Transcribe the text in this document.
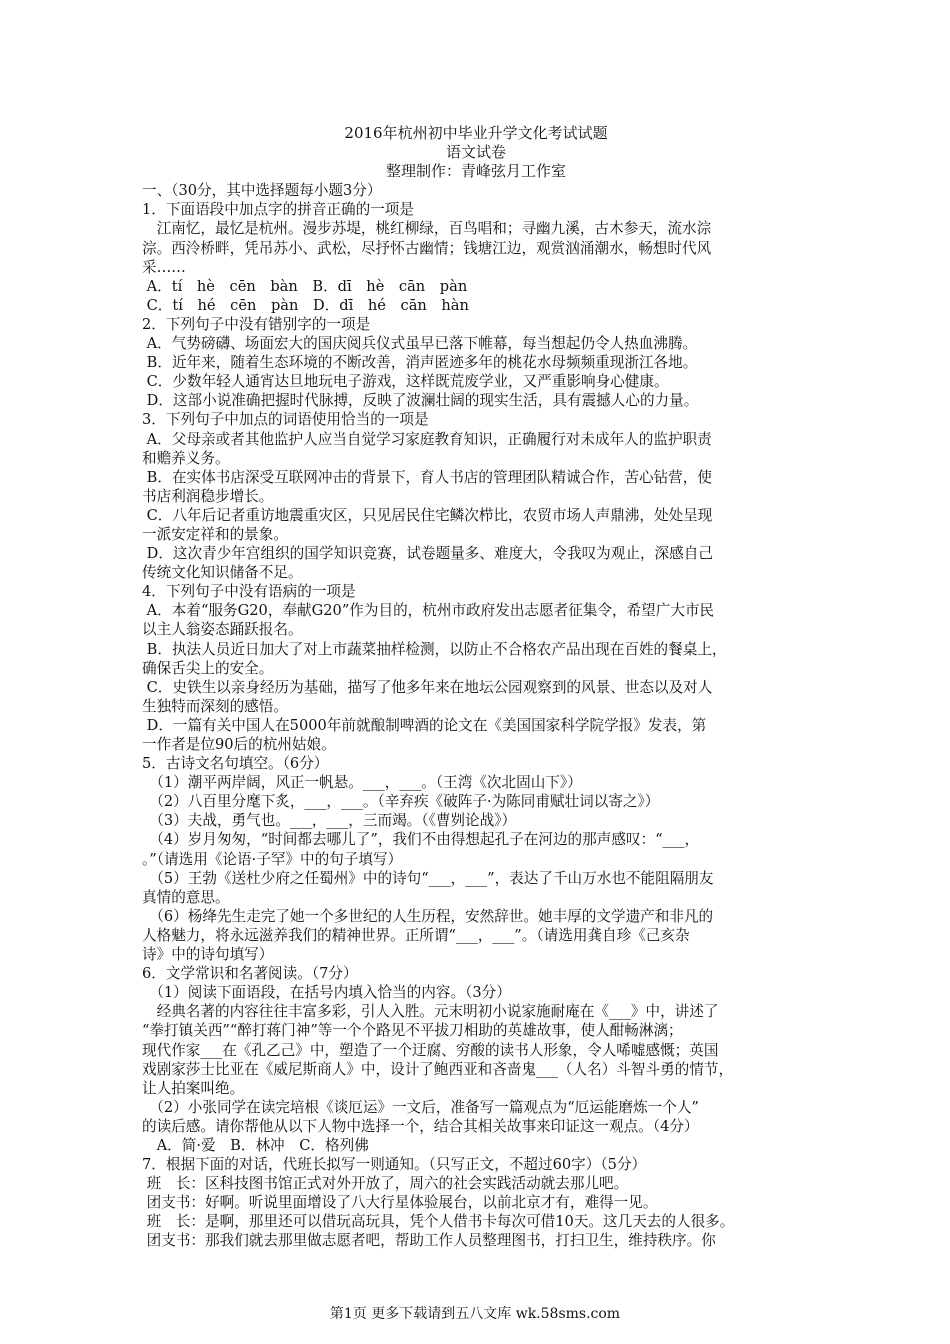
2016年杭州初中毕业升学文化考试试题
语文试卷
整理制作：青峰弦月工作室
一、（30分，其中选择题每小题3分）
1．下面语段中加点字的拼音正确的一项是
　江南忆，最忆是杭州。漫步苏堤，桃红柳绿，百鸟唱和；寻幽九溪，古木参天，流水淙
淙。西泠桥畔，凭吊苏小、武松，尽抒怀古幽情；钱塘江边，观赏汹涌潮水，畅想时代风
采……
A．tí　hè　cēn　bàn　B．dī　hè　cān　pàn
C．tí　hé　cēn　pàn　D．dī　hé　cān　hàn
2．下列句子中没有错别字的一项是
A．气势磅礴、场面宏大的国庆阅兵仪式虽早已落下帷幕，每当想起仍令人热血沸腾。
B．近年来，随着生态环境的不断改善，消声匿迹多年的桃花水母频频重现浙江各地。
C．少数年轻人通宵达旦地玩电子游戏，这样既荒废学业，又严重影响身心健康。
D．这部小说准确把握时代脉搏，反映了波澜壮阔的现实生活，具有震撼人心的力量。
3．下列句子中加点的词语使用恰当的一项是
A．父母亲或者其他监护人应当自觉学习家庭教育知识，正确履行对未成年人的监护职责
和赡养义务。
B．在实体书店深受互联网冲击的背景下，育人书店的管理团队精诚合作，苦心钻营，使
书店利润稳步增长。
C．八年后记者重访地震重灾区，只见居民住宅鳞次栉比，农贸市场人声鼎沸，处处呈现
一派安定祥和的景象。
D．这次青少年宫组织的国学知识竞赛，试卷题量多、难度大，令我叹为观止，深感自己
传统文化知识储备不足。
4．下列句子中没有语病的一项是
A．本着“服务G20，奉献G20”作为目的，杭州市政府发出志愿者征集令，希望广大市民
以主人翁姿态踊跃报名。
B．执法人员近日加大了对上市蔬菜抽样检测，以防止不合格农产品出现在百姓的餐桌上，
确保舌尖上的安全。
C．史铁生以亲身经历为基础，描写了他多年来在地坛公园观察到的风景、世态以及对人
生独特而深刻的感悟。
D．一篇有关中国人在5000年前就酿制啤酒的论文在《美国国家科学院学报》发表，第
一作者是位90后的杭州姑娘。
5．古诗文名句填空。（6分）
　（1）潮平两岸阔，风正一帆悬。___，___。（王湾《次北固山下》）
　（2）八百里分麾下炙，___，___。（辛弃疾《破阵子·为陈同甫赋壮词以寄之》）
　（3）夫战，勇气也。___，___，三而竭。（《曹刿论战》）
　（4）岁月匆匆，“时间都去哪儿了”，我们不由得想起孔子在河边的那声感叹：“___，
。”（请选用《论语·子罕》中的句子填写）
　（5）王勃《送杜少府之任蜀州》中的诗句“___，___”，表达了千山万水也不能阻隔朋友
真情的意思。
　（6）杨绛先生走完了她一个多世纪的人生历程，安然辞世。她丰厚的文学遗产和非凡的
人格魅力，将永远滋养我们的精神世界。正所谓“___，___”。（请选用龚自珍《己亥杂
诗》中的诗句填写）
6．文学常识和名著阅读。（7分）
　（1）阅读下面语段，在括号内填入恰当的内容。（3分）
　经典名著的内容往往丰富多彩，引人入胜。元末明初小说家施耐庵在《___》中，讲述了
“拳打镇关西”“醉打蒋门神”等一个个路见不平拔刀相助的英雄故事，使人酣畅淋漓；
现代作家___在《孔乙己》中，塑造了一个迂腐、穷酸的读书人形象，令人唏嘘感慨；英国
戏剧家莎士比亚在《威尼斯商人》中，设计了鲍西亚和吝啬鬼___（人名）斗智斗勇的情节，
让人拍案叫绝。
　（2）小张同学在读完培根《谈厄运》一文后，准备写一篇观点为“厄运能磨炼一个人”
的读后感。请你帮他从以下人物中选择一个，结合其相关故事来印证这一观点。（4分）
　A．简·爱　B．林冲　C．格列佛
7．根据下面的对话，代班长拟写一则通知。（只写正文，不超过60字）（5分）
班　长：区科技图书馆正式对外开放了，周六的社会实践活动就去那儿吧。
团支书：好啊。听说里面增设了八大行星体验展台，以前北京才有，难得一见。
班　长：是啊，那里还可以借玩高玩具，凭个人借书卡每次可借10天。这几天去的人很多。
团支书：那我们就去那里做志愿者吧，帮助工作人员整理图书，打扫卫生，维持秩序。你
第1页 更多下载请到五八文库 wk.58sms.com
